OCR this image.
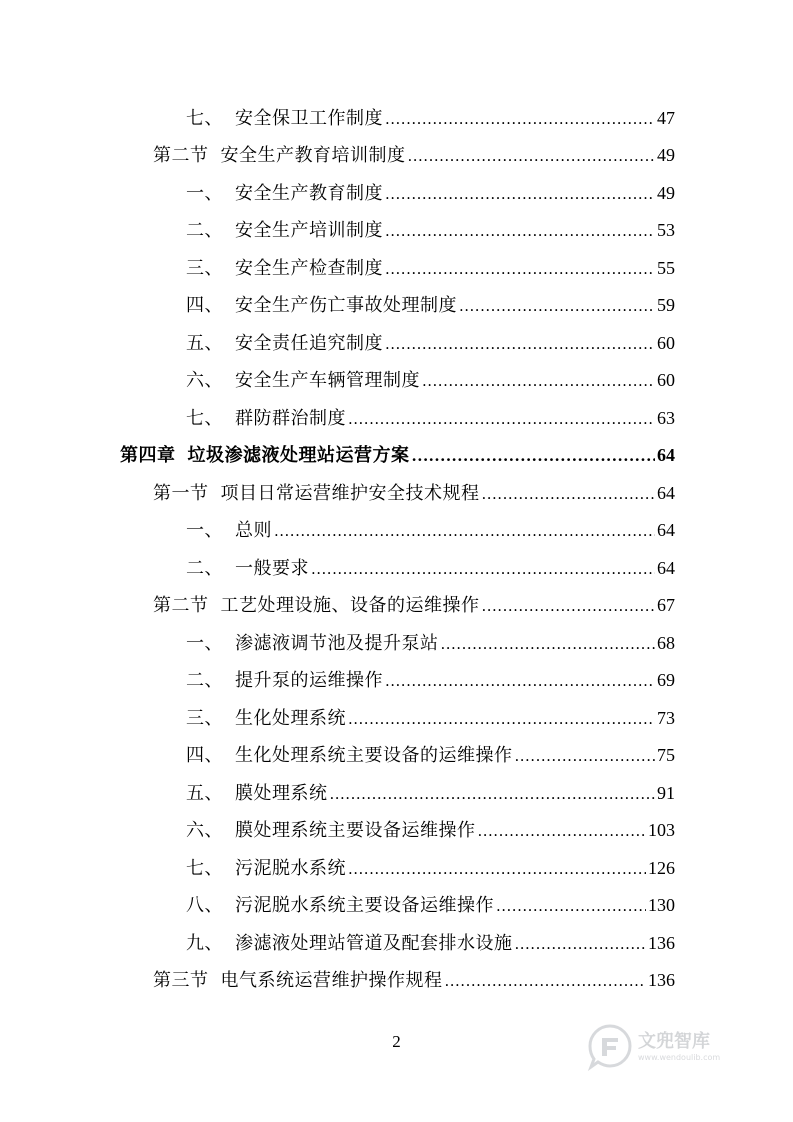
七、 安全保卫工作制度 .....	47
第二节 安全生产教育培训制度 .....	49
一、 安全生产教育制度 .....	49
二、 安全生产培训制度 .....	53
三、 安全生产检查制度 .....	55
四、 安全生产伤亡事故处理制度 .....	59
五、 安全责任追究制度 .....	60
六、 安全生产车辆管理制度 .....	60
七、 群防群治制度 .....	63
第四章 垃圾渗滤液处理站运营方案 .....	64
第一节 项目日常运营维护安全技术规程 .....	64
一、 总则 .....	64
二、 一般要求 .....	64
第二节 工艺处理设施、设备的运维操作 .....	67
一、 渗滤液调节池及提升泵站 .....	68
二、 提升泵的运维操作 .....	69
三、 生化处理系统 .....	73
四、 生化处理系统主要设备的运维操作 .....	75
五、 膜处理系统 .....	91
六、 膜处理系统主要设备运维操作 .....	103
七、 污泥脱水系统 .....	126
八、 污泥脱水系统主要设备运维操作 .....	130
九、 渗滤液处理站管道及配套排水设施 .....	136
第三节 电气系统运营维护操作规程 .....	136
2	文兜智库
www.wendoulib.com
